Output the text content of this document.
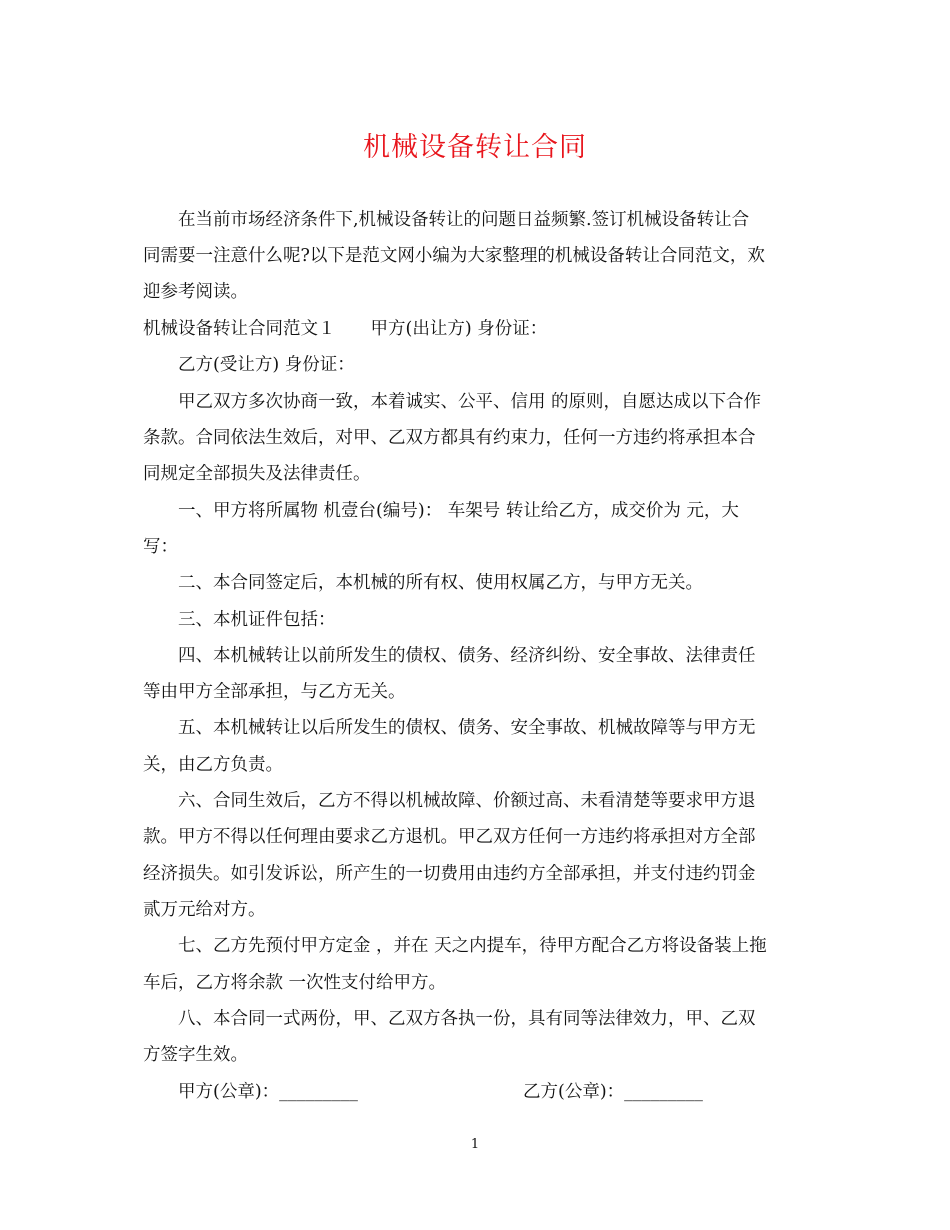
机械设备转让合同

在当前市场经济条件下,机械设备转让的问题日益频繁.签订机械设备转让合

同需要一注意什么呢?以下是范文网小编为大家整理的机械设备转让合同范文，欢

迎参考阅读。

机械设备转让合同范文１　　甲方(出让方) 身份证：

乙方(受让方) 身份证：

甲乙双方多次协商一致，本着诚实、公平、信用 的原则，自愿达成以下合作

条款。合同依法生效后，对甲、乙双方都具有约束力，任何一方违约将承担本合

同规定全部损失及法律责任。

一、甲方将所属物 机壹台(编号)： 车架号 转让给乙方，成交价为 元，大

写：

二、本合同签定后，本机械的所有权、使用权属乙方，与甲方无关。

三、本机证件包括：

四、本机械转让以前所发生的债权、债务、经济纠纷、安全事故、法律责任

等由甲方全部承担，与乙方无关。

五、本机械转让以后所发生的债权、债务、安全事故、机械故障等与甲方无

关，由乙方负责。

六、合同生效后，乙方不得以机械故障、价额过高、未看清楚等要求甲方退

款。甲方不得以任何理由要求乙方退机。甲乙双方任何一方违约将承担对方全部

经济损失。如引发诉讼，所产生的一切费用由违约方全部承担，并支付违约罚金

贰万元给对方。

七、乙方先预付甲方定金 ，并在 天之内提车，待甲方配合乙方将设备装上拖

车后，乙方将余款 一次性支付给甲方。

八、本合同一式两份，甲、乙双方各执一份，具有同等法律效力，甲、乙双

方签字生效。

甲方(公章)：_________	乙方(公章)：_________

1
